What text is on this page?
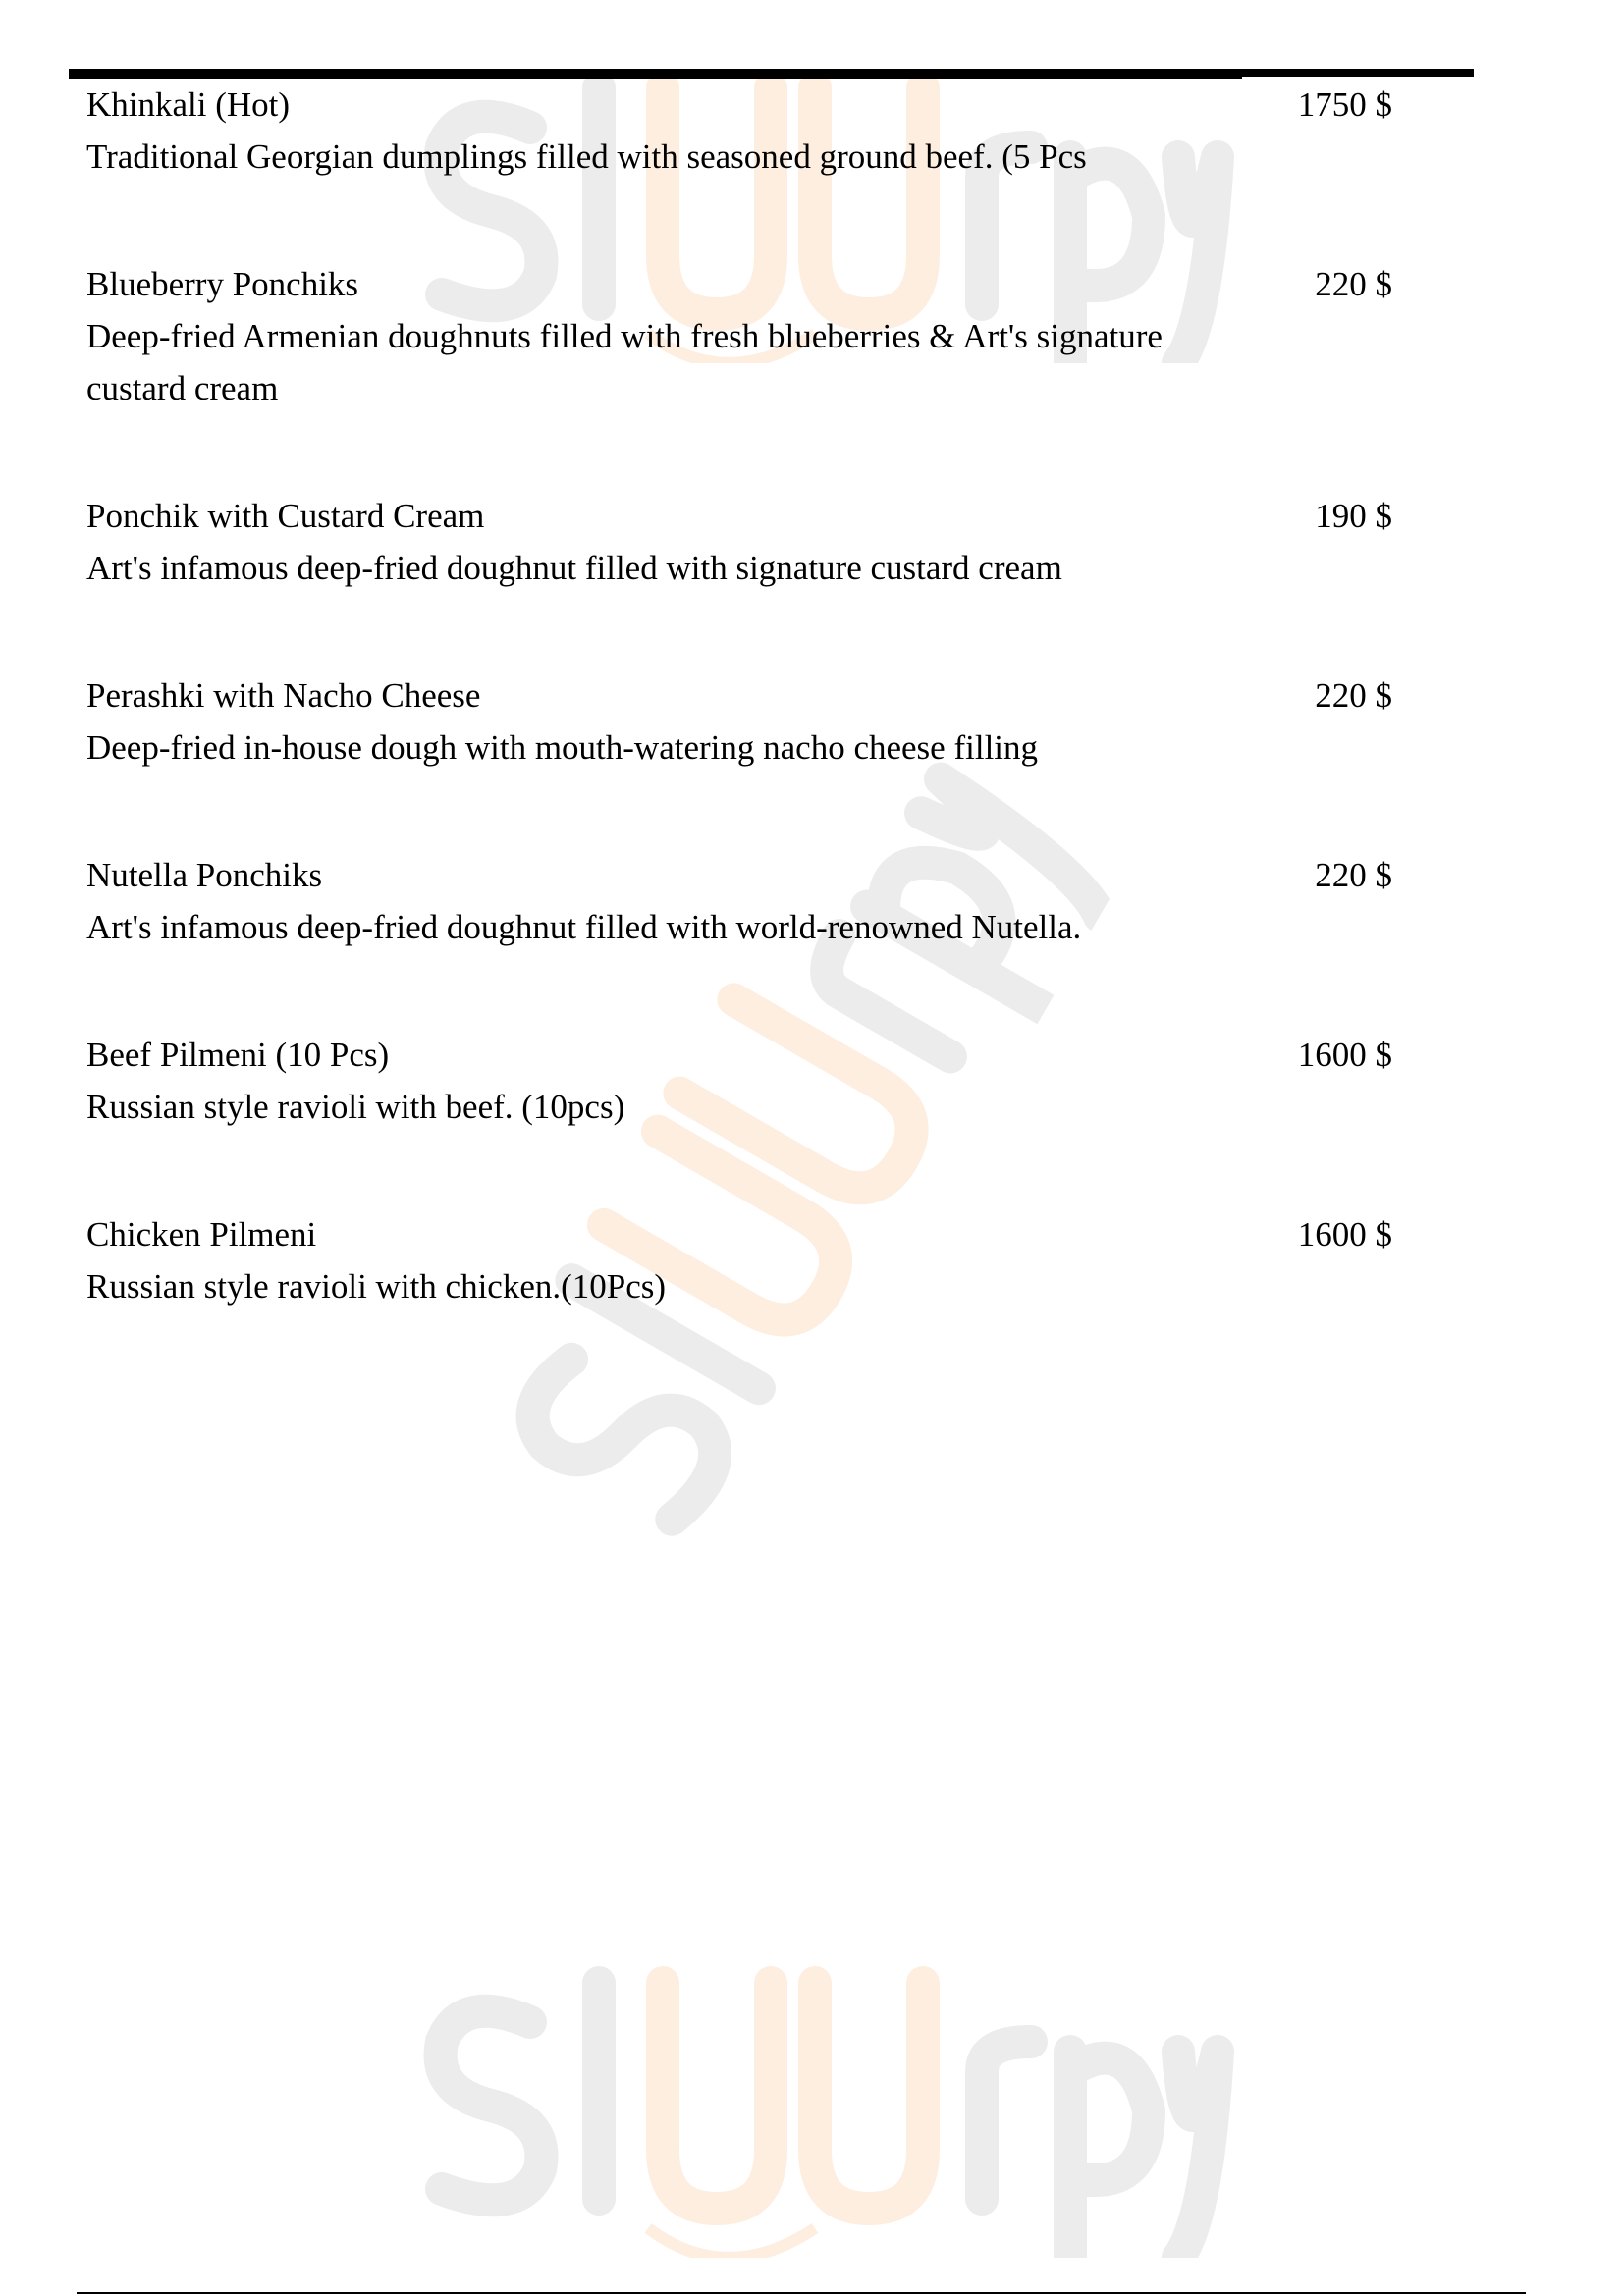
Khinkali (Hot)	1750 $
Traditional Georgian dumplings filled with seasoned ground beef. (5 Pcs
Blueberry Ponchiks	220 $
Deep-fried Armenian doughnuts filled with fresh blueberries & Art's signature custard cream
Ponchik with Custard Cream	190 $
Art's infamous deep-fried doughnut filled with signature custard cream
Perashki with Nacho Cheese	220 $
Deep-fried in-house dough with mouth-watering nacho cheese filling
Nutella Ponchiks	220 $
Art's infamous deep-fried doughnut filled with world-renowned Nutella.
Beef Pilmeni (10 Pcs)	1600 $
Russian style ravioli with beef. (10pcs)
Chicken Pilmeni	1600 $
Russian style ravioli with chicken.(10Pcs)
